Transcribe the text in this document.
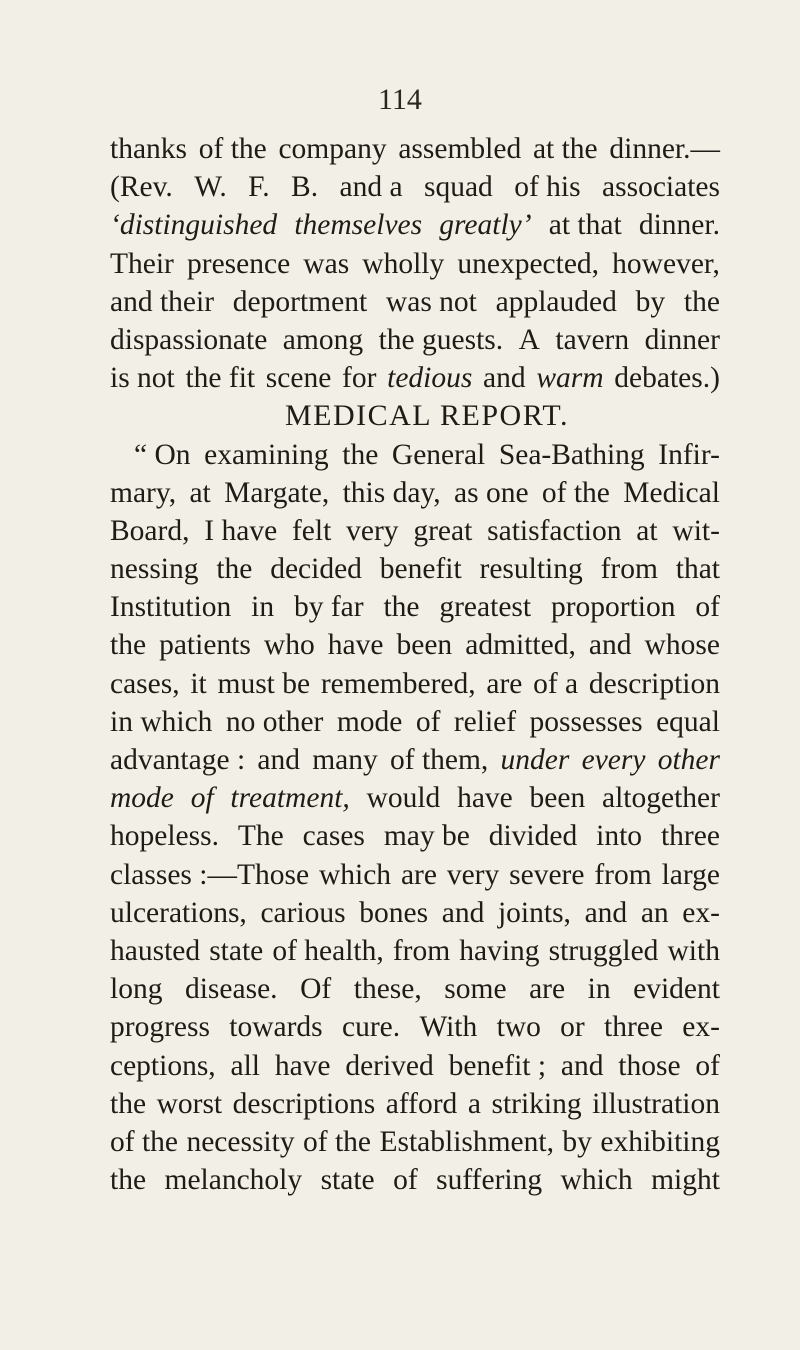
114
thanks of the company assembled at the dinner.—
(Rev. W. F. B. and a squad of his associates
‘distinguished themselves greatly’ at that dinner.
Their presence was wholly unexpected, however,
and their deportment was not applauded by the
dispassionate among the guests. A tavern dinner
is not the fit scene for tedious and warm debates.)
MEDICAL REPORT.
“ On examining the General Sea-Bathing Infir-
mary, at Margate, this day, as one of the Medical
Board, I have felt very great satisfaction at wit-
nessing the decided benefit resulting from that
Institution in by far the greatest proportion of
the patients who have been admitted, and whose
cases, it must be remembered, are of a description
in which no other mode of relief possesses equal
advantage : and many of them, under every other
mode of treatment, would have been altogether
hopeless. The cases may be divided into three
classes :—Those which are very severe from large
ulcerations, carious bones and joints, and an ex-
hausted state of health, from having struggled with
long disease. Of these, some are in evident
progress towards cure. With two or three ex-
ceptions, all have derived benefit ; and those of
the worst descriptions afford a striking illustration
of the necessity of the Establishment, by exhibiting
the melancholy state of suffering which might
